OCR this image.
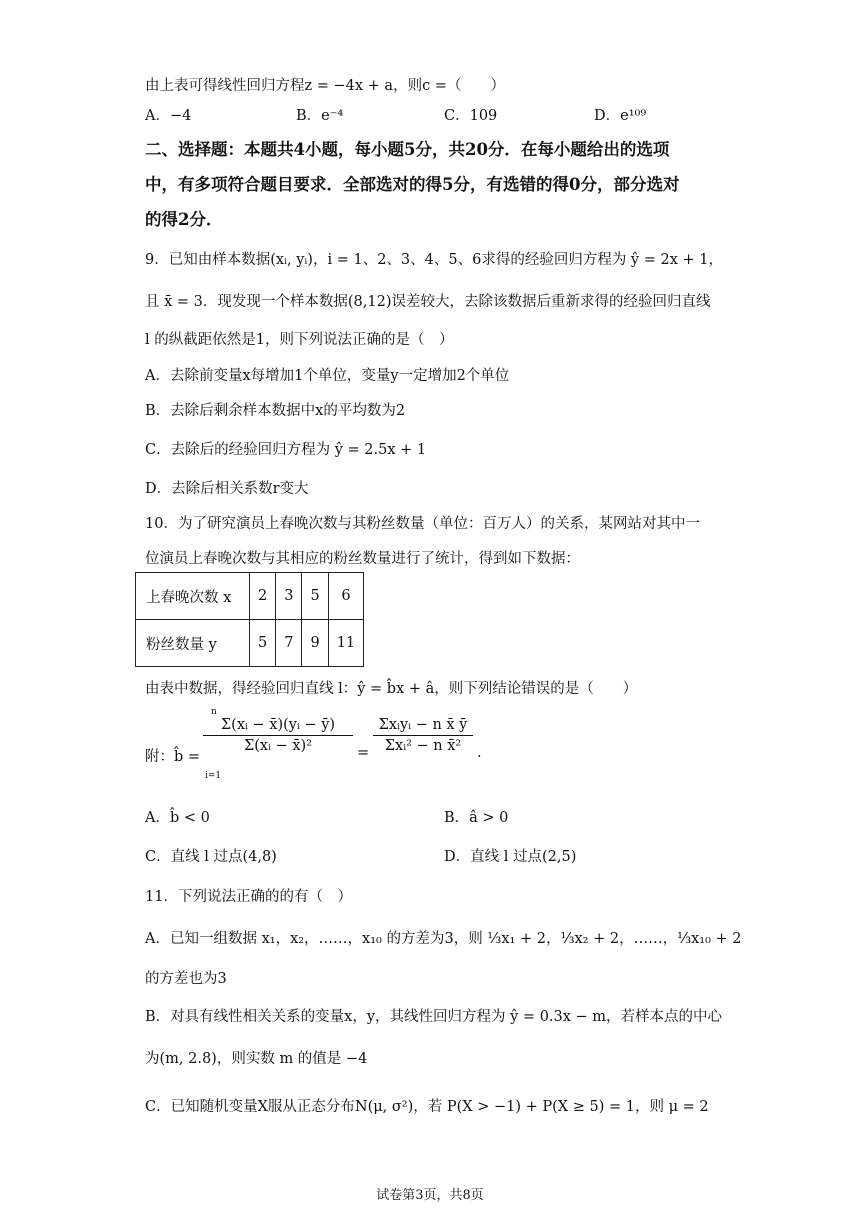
由上表可得线性回归方程z = −4x + a，则c =（　　）
A．−4	B．e⁻⁴	C．109	D．e¹⁰⁹
二、选择题：本题共4小题，每小题5分，共20分．在每小题给出的选项
中，有多项符合题目要求．全部选对的得5分，有选错的得0分，部分选对
的得2分．
9．已知由样本数据(xᵢ, yᵢ)，i = 1、2、3、4、5、6求得的经验回归方程为 ŷ = 2x + 1，
且 x̄ = 3．现发现一个样本数据(8,12)误差较大，去除该数据后重新求得的经验回归直线
l 的纵截距依然是1，则下列说法正确的是（　）
A．去除前变量x每增加1个单位，变量y一定增加2个单位
B．去除后剩余样本数据中x的平均数为2
C．去除后的经验回归方程为 ŷ = 2.5x + 1
D．去除后相关系数r变大
10．为了研究演员上春晚次数与其粉丝数量（单位：百万人）的关系，某网站对其中一
位演员上春晚次数与其相应的粉丝数量进行了统计，得到如下数据：
上春晚次数 x	2	3	5	6
粉丝数量 y	5	7	9	11
由表中数据，得经验回归直线 l：ŷ = b̂x + â，则下列结论错误的是（　　）
附：b̂ =
Σ(xᵢ − x̄)(yᵢ − ȳ)
Σ(xᵢ − x̄)²	=
Σxᵢyᵢ − n x̄ ȳ
Σxᵢ² − n x̄²
n
i=1
.
A．b̂ < 0	B．â > 0
C．直线 l 过点(4,8)	D．直线 l 过点(2,5)
11．下列说法正确的的有（　）
A．已知一组数据 x₁，x₂，……，x₁₀ 的方差为3，则 ⅓x₁ + 2，⅓x₂ + 2，……，⅓x₁₀ + 2
的方差也为3
B．对具有线性相关关系的变量x，y，其线性回归方程为 ŷ = 0.3x − m，若样本点的中心
为(m, 2.8)，则实数 m 的值是 −4
C．已知随机变量X服从正态分布N(μ, σ²)，若 P(X > −1) + P(X ≥ 5) = 1，则 μ = 2
试卷第3页，共8页
